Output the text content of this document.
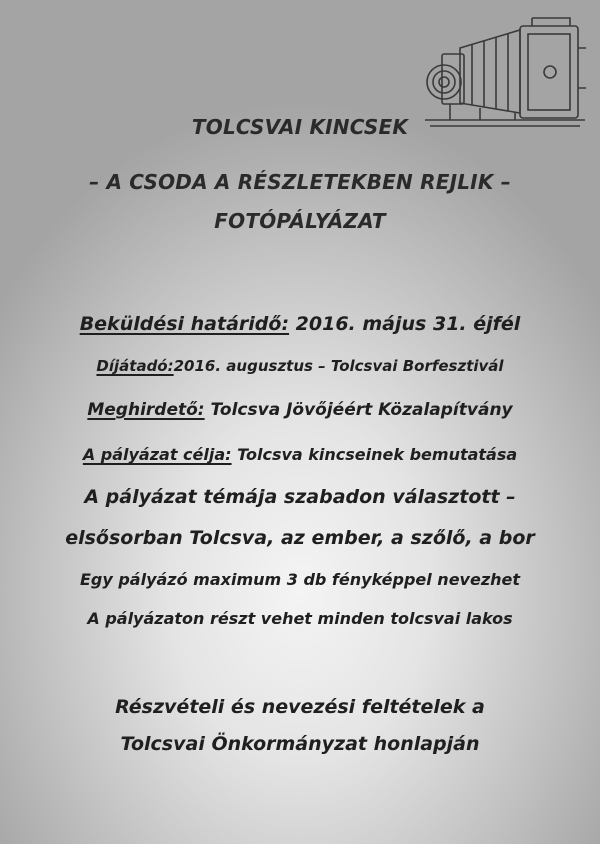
TOLCSVAI KINCSEK
– A CSODA A RÉSZLETEKBEN REJLIK –
FOTÓPÁLYÁZAT
Beküldési határidő: 2016. május 31. éjfél
Díjátadó:2016. augusztus – Tolcsvai Borfesztivál
Meghirdető: Tolcsva Jövőjéért Közalapítvány
A pályázat célja: Tolcsva kincseinek bemutatása
A pályázat témája szabadon választott –
elsősorban Tolcsva, az ember, a szőlő, a bor
Egy pályázó maximum 3 db fényképpel nevezhet
A pályázaton részt vehet minden tolcsvai lakos
Részvételi és nevezési feltételek a
Tolcsvai Önkormányzat honlapján
